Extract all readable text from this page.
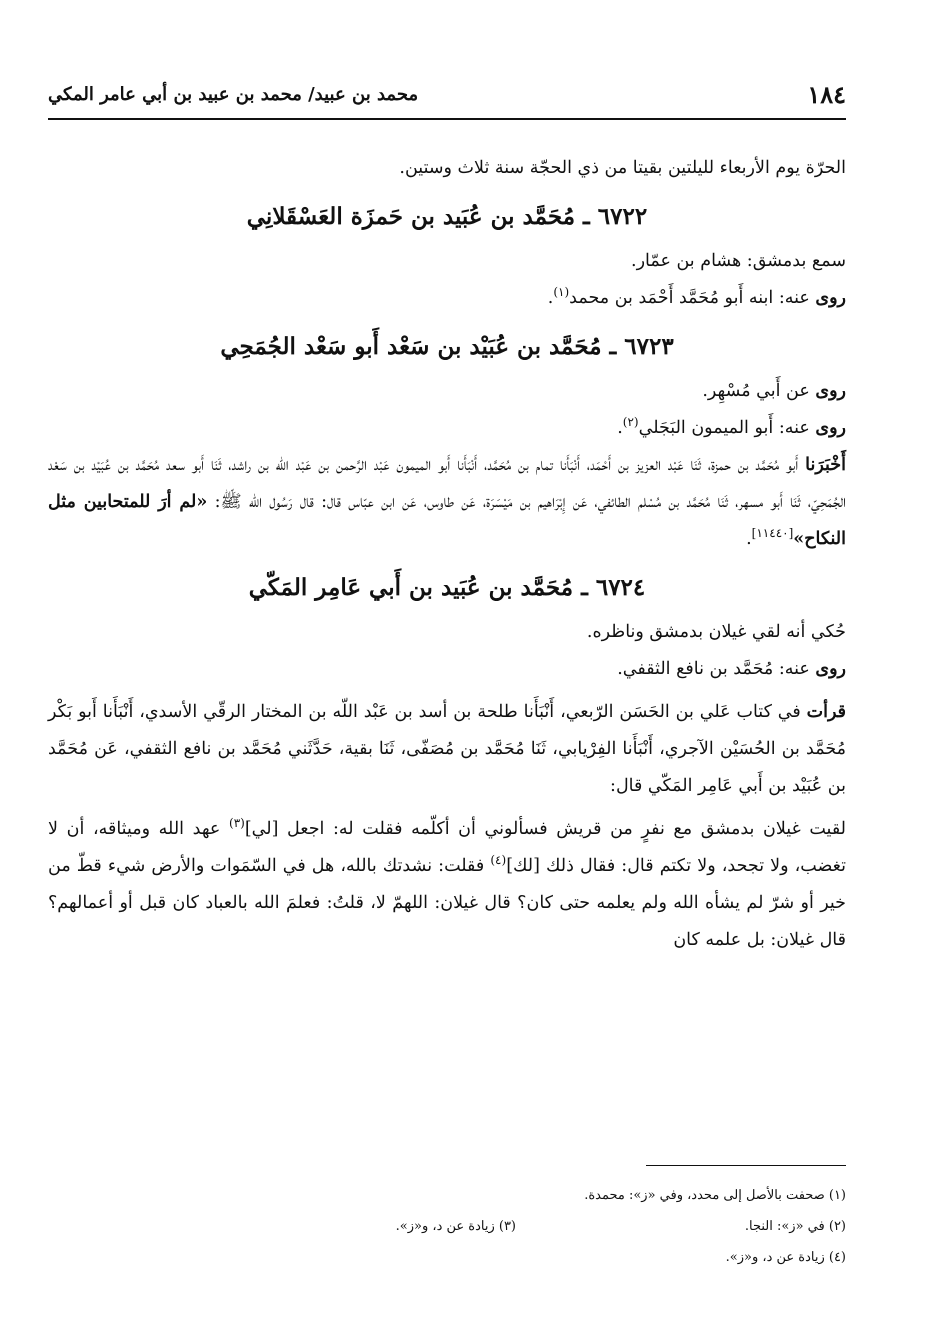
١٨٤
محمد بن عبيد/ محمد بن عبيد بن أبي عامر المكي

الحرّة يوم الأربعاء لليلتين بقيتا من ذي الحجّة سنة ثلاث وستين.

٦٧٢٢ ـ مُحَمَّد بن عُبَيد بن حَمزَة العَسْقَلانِي

سمع بدمشق: هشام بن عمّار.

روى عنه: ابنه أَبو مُحَمَّد أَحْمَد بن محمد$^{(١)}$.

٦٧٢٣ ـ مُحَمَّد بن عُبَيْد بن سَعْد أَبو سَعْد الجُمَحِي

روى عن أَبي مُسْهِر.

روى عنه: أَبو الميمون البَجَلي$^{(٢)}$.

أَخْبَرَنا أَبو مُحَمَّد بن حمزة، ثَنَا عَبْد العزيز بن أَحْمَد، أَنْبَأَنا تمام بن مُحَمَّد، أَنْبَأَنا أَبو الميمون عَبْد الرَّحمن بن عَبْد اللّه بن راشد، ثَنَا أَبو سعد مُحَمَّد بن عُبَيْد بن سَعْد الجُمَحِيّ، ثَنَا أَبو مسهر، ثَنَا مُحَمَّد بن مُسْلم الطائفي، عَن إِبْرَاهيم بن مَيْسَرَة، عَن طاوس، عَن ابن عبّاس قال: قال رَسُول الله ﷺ: «لم أرَ للمتحابين مثل النكاح»[١١٤٤٠].

٦٧٢٤ ـ مُحَمَّد بن عُبَيد بن أَبي عَامِر المَكّي

حُكي أنه لقي غيلان بدمشق وناظره.

روى عنه: مُحَمَّد بن نافع الثقفي.

قرأت في كتاب عَلي بن الحَسَن الرّبعي، أَنْبَأَنا طلحة بن أسد بن عَبْد اللّه بن المختار الرقّي الأسدي، أَنْبَأَنا أَبو بَكْر مُحَمَّد بن الحُسَيْن الآجري، أَنْبَأَنا الفِرْيابي، ثَنَا مُحَمَّد بن مُصَفّى، ثَنَا بقية، حَدَّثَني مُحَمَّد بن نافع الثقفي، عَن مُحَمَّد بن عُبَيْد بن أَبي عَامِر المَكّي قال:

لقيت غيلان بدمشق مع نفرٍ من قريش فسألوني أن أكلّمه فقلت له: اجعل [لي]$^{(٣)}$ عهد الله وميثاقه، أن لا تغضب، ولا تجحد، ولا تكتم قال: فقال ذلك [لك]$^{(٤)}$ فقلت: نشدتك بالله، هل في السّمَوات والأرض شيء قطّ من خير أو شرّ لم يشأه الله ولم يعلمه حتى كان؟ قال غيلان: اللهمّ لا، قلتُ: فعلمَ الله بالعباد كان قبل أو أعمالهم؟ قال غيلان: بل علمه كان

(١) صحفت بالأصل إلى محدد، وفي «ز»: محمدة.
(٢) في «ز»: النجا.
(٣) زيادة عن د، و«ز».
(٤) زيادة عن د، و«ز».
